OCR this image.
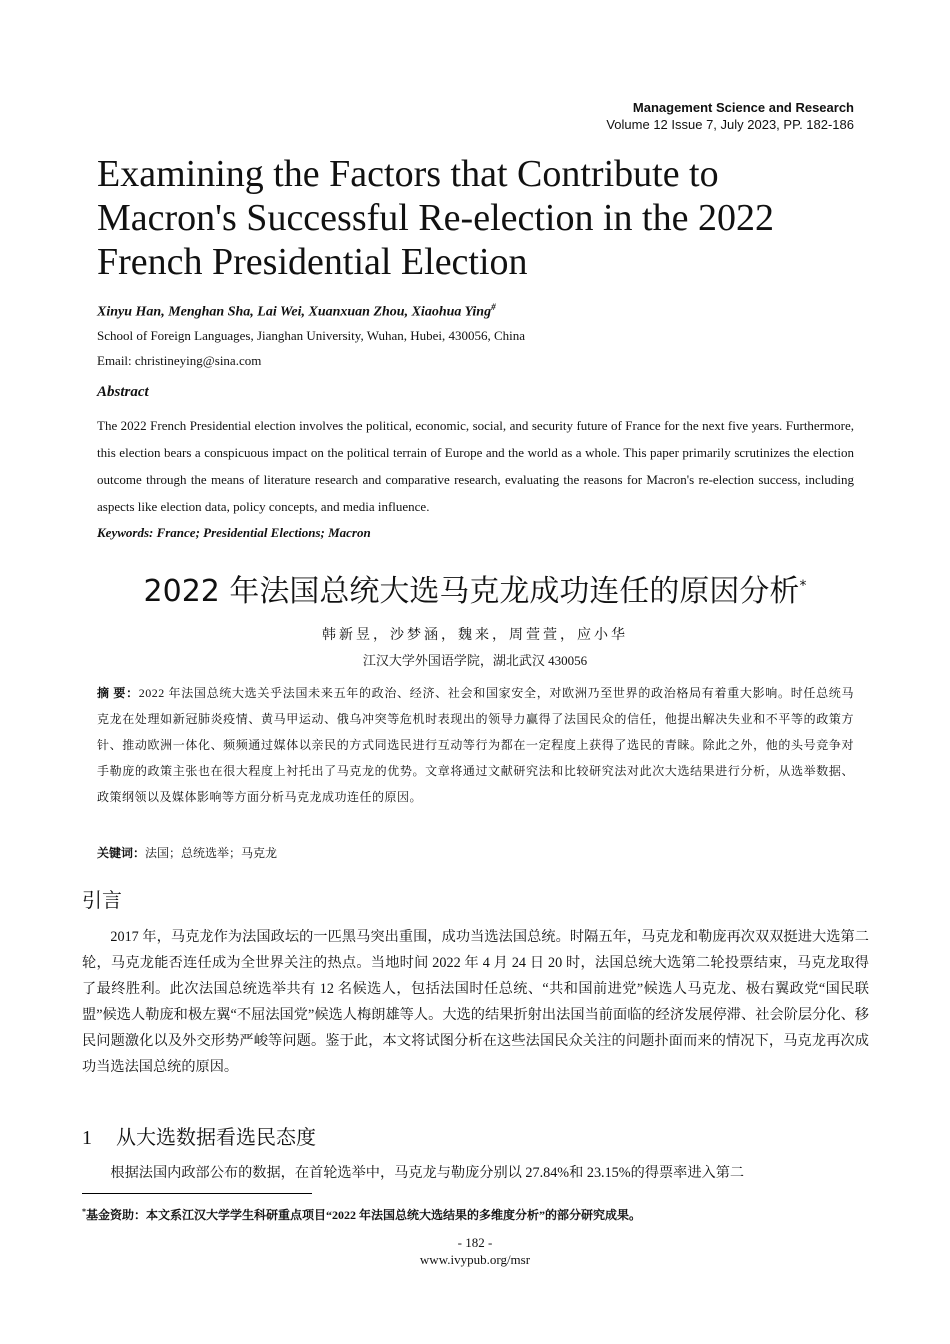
Management Science and Research
Volume 12 Issue 7, July 2023, PP. 182-186
Examining the Factors that Contribute to Macron's Successful Re-election in the 2022 French Presidential Election
Xinyu Han, Menghan Sha, Lai Wei, Xuanxuan Zhou, Xiaohua Ying#
School of Foreign Languages, Jianghan University, Wuhan, Hubei, 430056, China
Email: christineying@sina.com
Abstract
The 2022 French Presidential election involves the political, economic, social, and security future of France for the next five years. Furthermore, this election bears a conspicuous impact on the political terrain of Europe and the world as a whole. This paper primarily scrutinizes the election outcome through the means of literature research and comparative research, evaluating the reasons for Macron's re-election success, including aspects like election data, policy concepts, and media influence.
Keywords: France; Presidential Elections; Macron
2022 年法国总统大选马克龙成功连任的原因分析*
韩新昱，沙梦涵，魏来，周萱萱，应小华
江汉大学外国语学院，湖北武汉 430056
摘 要：2022 年法国总统大选关乎法国未来五年的政治、经济、社会和国家安全，对欧洲乃至世界的政治格局有着重大影响。时任总统马克龙在处理如新冠肺炎疫情、黄马甲运动、俄乌冲突等危机时表现出的领导力赢得了法国民众的信任，他提出解决失业和不平等的政策方针、推动欧洲一体化、频频通过媒体以亲民的方式同选民进行互动等行为都在一定程度上获得了选民的青睐。除此之外，他的头号竞争对手勒庞的政策主张也在很大程度上衬托出了马克龙的优势。文章将通过文献研究法和比较研究法对此次大选结果进行分析，从选举数据、政策纲领以及媒体影响等方面分析马克龙成功连任的原因。
关键词：法国；总统选举；马克龙
引言

2017 年，马克龙作为法国政坛的一匹黑马突出重围，成功当选法国总统。时隔五年，马克龙和勒庞再次双双挺进大选第二轮，马克龙能否连任成为全世界关注的热点。当地时间 2022 年 4 月 24 日 20 时，法国总统大选第二轮投票结束，马克龙取得了最终胜利。此次法国总统选举共有 12 名候选人，包括法国时任总统、“共和国前进党”候选人马克龙、极右翼政党“国民联盟”候选人勒庞和极左翼“不屈法国党”候选人梅朗雄等人。大选的结果折射出法国当前面临的经济发展停滞、社会阶层分化、移民问题激化以及外交形势严峻等问题。鉴于此，本文将试图分析在这些法国民众关注的问题扑面而来的情况下，马克龙再次成功当选法国总统的原因。

1 从大选数据看选民态度

根据法国内政部公布的数据，在首轮选举中，马克龙与勒庞分别以 27.84%和 23.15%的得票率进入第二

*基金资助：本文系江汉大学学生科研重点项目“2022 年法国总统大选结果的多维度分析”的部分研究成果。
- 182 -
www.ivypub.org/msr
